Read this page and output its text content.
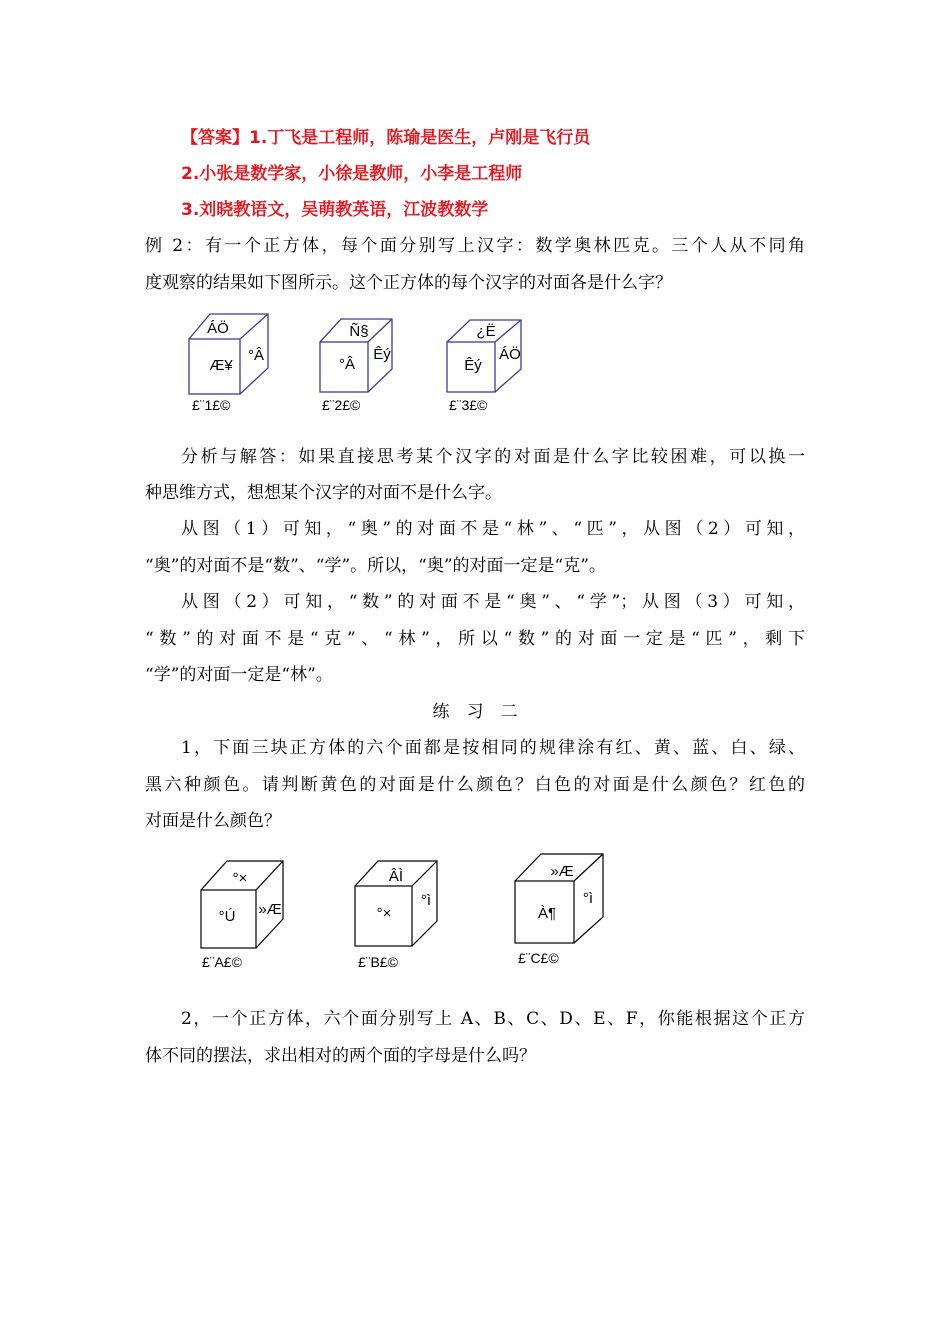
【答案】1.丁飞是工程师，陈瑜是医生，卢刚是飞行员
2.小张是数学家，小徐是教师，小李是工程师
3.刘晓教语文，吴萌教英语，江波教数学
例 2：有一个正方体，每个面分别写上汉字：数学奥林匹克。三个人从不同角
度观察的结果如下图所示。这个正方体的每个汉字的对面各是什么字？
ÁÖ
Æ¥
°Â
£¨1£©
Ñ§
°Â
Êý
£¨2£©
¿Ë
Êý
ÁÖ
£¨3£©
分析与解答：如果直接思考某个汉字的对面是什么字比较困难，可以换一
种思维方式，想想某个汉字的对面不是什么字。
从图（1）可知，“奥”的对面不是“林”、“匹”，从图（2）可知，
“奥”的对面不是“数”、“学”。所以，“奥”的对面一定是“克”。
从图（2）可知，“数”的对面不是“奥”、“学”；从图（3）可知，
“数”的对面不是“克”、“林”，所以“数”的对面一定是“匹”，剩下
“学”的对面一定是“林”。
练　习　二
1，下面三块正方体的六个面都是按相同的规律涂有红、黄、蓝、白、绿、
黑六种颜色。请判断黄色的对面是什么颜色？白色的对面是什么颜色？红色的
对面是什么颜色？
°×
°Ú »Æ
£¨A£©
ÂÌ
°×
°ì
£¨B£©
»Æ
À¶
°ì
£¨C£©
2，一个正方体，六个面分别写上 A、B、C、D、E、F，你能根据这个正方
体不同的摆法，求出相对的两个面的字母是什么吗？
